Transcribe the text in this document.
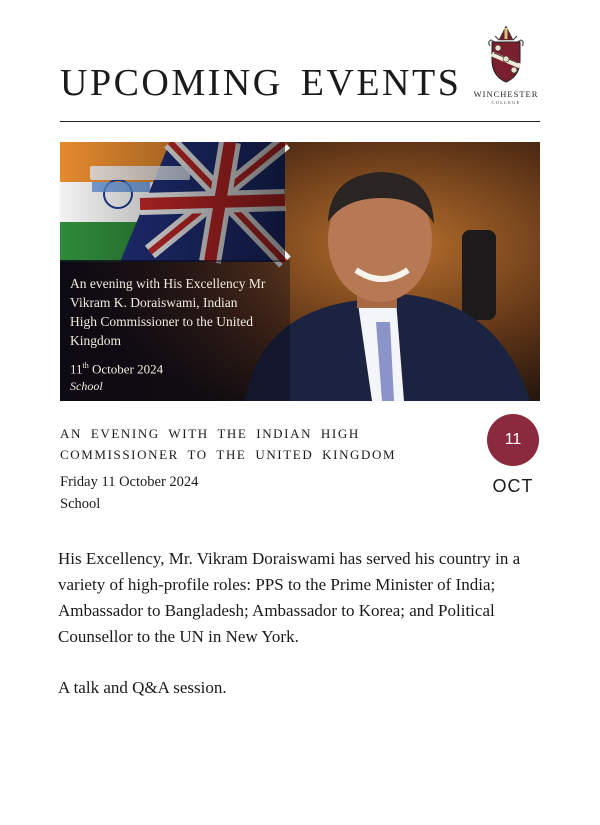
UPCOMING EVENTS	WINCHESTER
COLLEGE

An evening with His Excellency Mr

Vikram K. Doraiswami, Indian

High Commissioner to the United

Kingdom

11th October 2024
School
AN EVENING WITH THE INDIAN HIGH COMMISSIONER TO THE UNITED KINGDOM
Friday 11 October 2024
School
11
OCT

His Excellency, Mr. Vikram Doraiswami has served his country in a variety of high-profile roles: PPS to the Prime Minister of India; Ambassador to Bangladesh; Ambassador to Korea; and Political Counsellor to the UN in New York.

A talk and Q&A session.
